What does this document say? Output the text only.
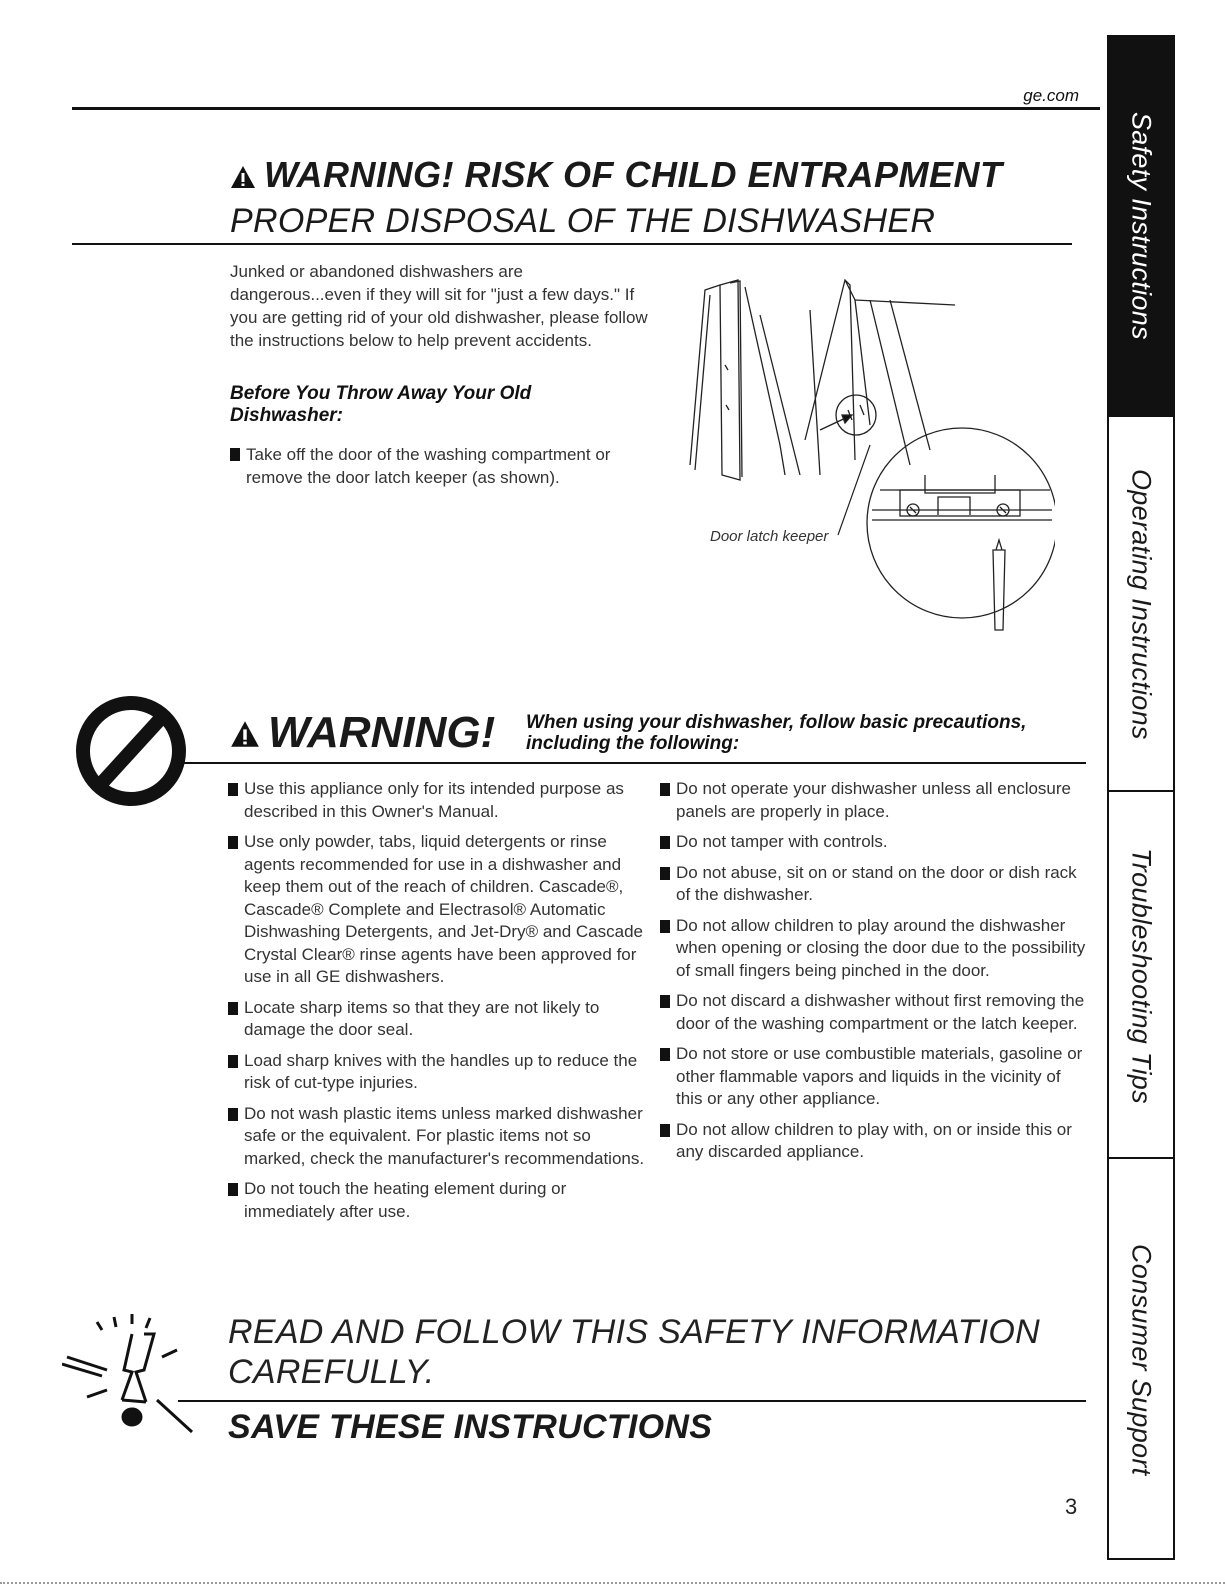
ge.com
WARNING! RISK OF CHILD ENTRAPMENT
PROPER DISPOSAL OF THE DISHWASHER
Junked or abandoned dishwashers are dangerous...even if they will sit for "just a few days." If you are getting rid of your old dishwasher, please follow the instructions below to help prevent accidents.
Before You Throw Away Your Old Dishwasher:
Take off the door of the washing compartment or remove the door latch keeper (as shown).
Door latch keeper
WARNING! When using your dishwasher, follow basic precautions, including the following:
Use this appliance only for its intended purpose as described in this Owner's Manual.
Use only powder, tabs, liquid detergents or rinse agents recommended for use in a dishwasher and keep them out of the reach of children. Cascade®, Cascade® Complete and Electrasol® Automatic Dishwashing Detergents, and Jet-Dry® and Cascade Crystal Clear® rinse agents have been approved for use in all GE dishwashers.
Locate sharp items so that they are not likely to damage the door seal.
Load sharp knives with the handles up to reduce the risk of cut-type injuries.
Do not wash plastic items unless marked dishwasher safe or the equivalent. For plastic items not so marked, check the manufacturer's recommendations.
Do not touch the heating element during or immediately after use.
Do not operate your dishwasher unless all enclosure panels are properly in place.
Do not tamper with controls.
Do not abuse, sit on or stand on the door or dish rack of the dishwasher.
Do not allow children to play around the dishwasher when opening or closing the door due to the possibility of small fingers being pinched in the door.
Do not discard a dishwasher without first removing the door of the washing compartment or the latch keeper.
Do not store or use combustible materials, gasoline or other flammable vapors and liquids in the vicinity of this or any other appliance.
Do not allow children to play with, on or inside this or any discarded appliance.
READ AND FOLLOW THIS SAFETY INFORMATION CAREFULLY.
SAVE THESE INSTRUCTIONS
3
Safety Instructions
Operating Instructions
Troubleshooting Tips
Consumer Support
